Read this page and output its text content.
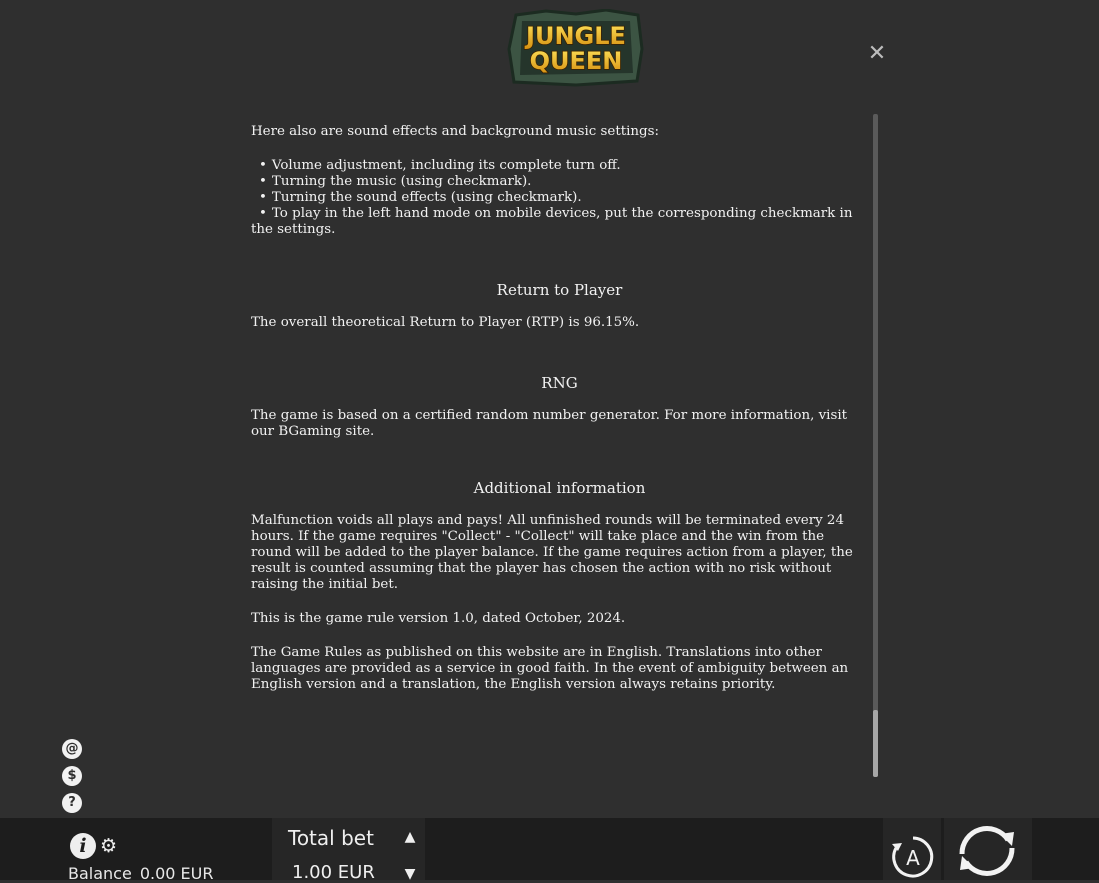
JUNGLE
QUEEN	✕

Here also are sound effects and background music settings:

• Volume adjustment, including its complete turn off.
• Turning the music (using checkmark).
• Turning the sound effects (using checkmark).
• To play in the left hand mode on mobile devices, put the corresponding checkmark in the settings.
Return to Player

The overall theoretical Return to Player (RTP) is 96.15%.

RNG

The game is based on a certified random number generator. For more information, visit our BGaming site.

Additional information

Malfunction voids all plays and pays! All unfinished rounds will be terminated every 24 hours. If the game requires "Collect" - "Collect" will take place and the win from the round will be added to the player balance. If the game requires action from a player, the result is counted assuming that the player has chosen the action with no risk without raising the initial bet.

This is the game rule version 1.0, dated October, 2024.

The Game Rules as published on this website are in English. Translations into other languages are provided as a service in good faith. In the event of ambiguity between an English version and a translation, the English version always retains priority.

@
$
?
i ⚙
Balance 0.00 EUR
Total bet
1.00 EUR
▲
▼
A
